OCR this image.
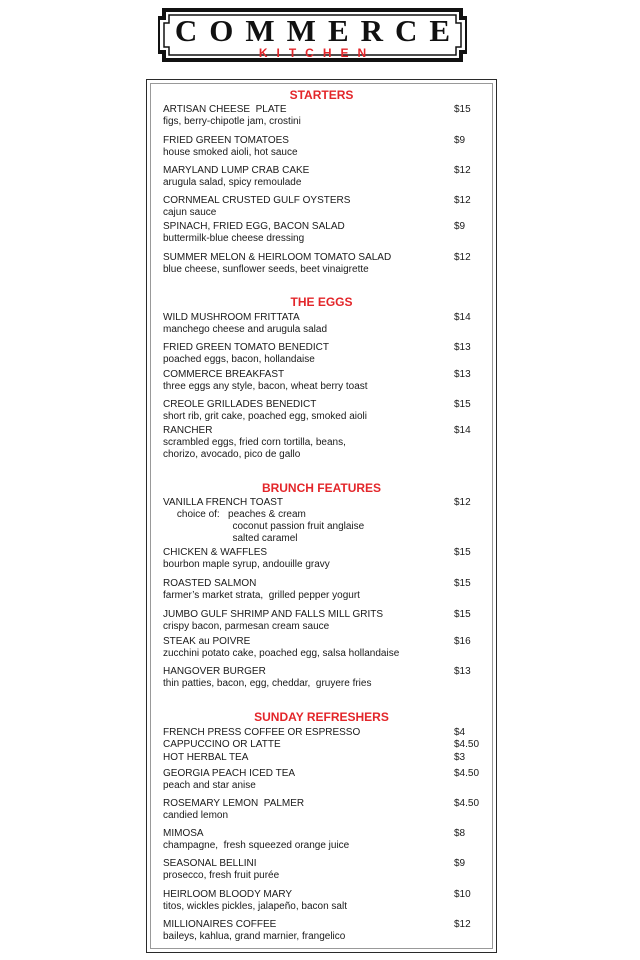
COMMERCE
KITCHEN
STARTERS
ARTISAN CHEESE  PLATE
figs, berry-chipotle jam, crostini
$15
FRIED GREEN TOMATOES
house smoked aioli, hot sauce
$9
MARYLAND LUMP CRAB CAKE
arugula salad, spicy remoulade
$12
CORNMEAL CRUSTED GULF OYSTERS
cajun sauce
$12
SPINACH, FRIED EGG, BACON SALAD
buttermilk-blue cheese dressing
$9
SUMMER MELON & HEIRLOOM TOMATO SALAD
blue cheese, sunflower seeds, beet vinaigrette
$12
THE EGGS
WILD MUSHROOM FRITTATA
manchego cheese and arugula salad
$14
FRIED GREEN TOMATO BENEDICT
poached eggs, bacon, hollandaise
$13
COMMERCE BREAKFAST
three eggs any style, bacon, wheat berry toast
$13
CREOLE GRILLADES BENEDICT
short rib, grit cake, poached egg, smoked aioli
$15
RANCHER
scrambled eggs, fried corn tortilla, beans,
chorizo, avocado, pico de gallo
$14
BRUNCH FEATURES
VANILLA FRENCH TOAST
choice of:   peaches & cream
coconut passion fruit anglaise
salted caramel
$12
CHICKEN & WAFFLES
bourbon maple syrup, andouille gravy
$15
ROASTED SALMON
farmer’s market strata,  grilled pepper yogurt
$15
JUMBO GULF SHRIMP AND FALLS MILL GRITS
crispy bacon, parmesan cream sauce
$15
STEAK au POIVRE
zucchini potato cake, poached egg, salsa hollandaise
$16
HANGOVER BURGER
thin patties, bacon, egg, cheddar,  gruyere fries
$13
SUNDAY REFRESHERS
FRENCH PRESS COFFEE OR ESPRESSO	$4
CAPPUCCINO OR LATTE	$4.50
HOT HERBAL TEA	$3
GEORGIA PEACH ICED TEA
peach and star anise
$4.50
ROSEMARY LEMON  PALMER
candied lemon
$4.50
MIMOSA
champagne,  fresh squeezed orange juice
$8
SEASONAL BELLINI
prosecco, fresh fruit purée
$9
HEIRLOOM BLOODY MARY
titos, wickles pickles, jalapeño, bacon salt
$10
MILLIONAIRES COFFEE
baileys, kahlua, grand marnier, frangelico
$12
